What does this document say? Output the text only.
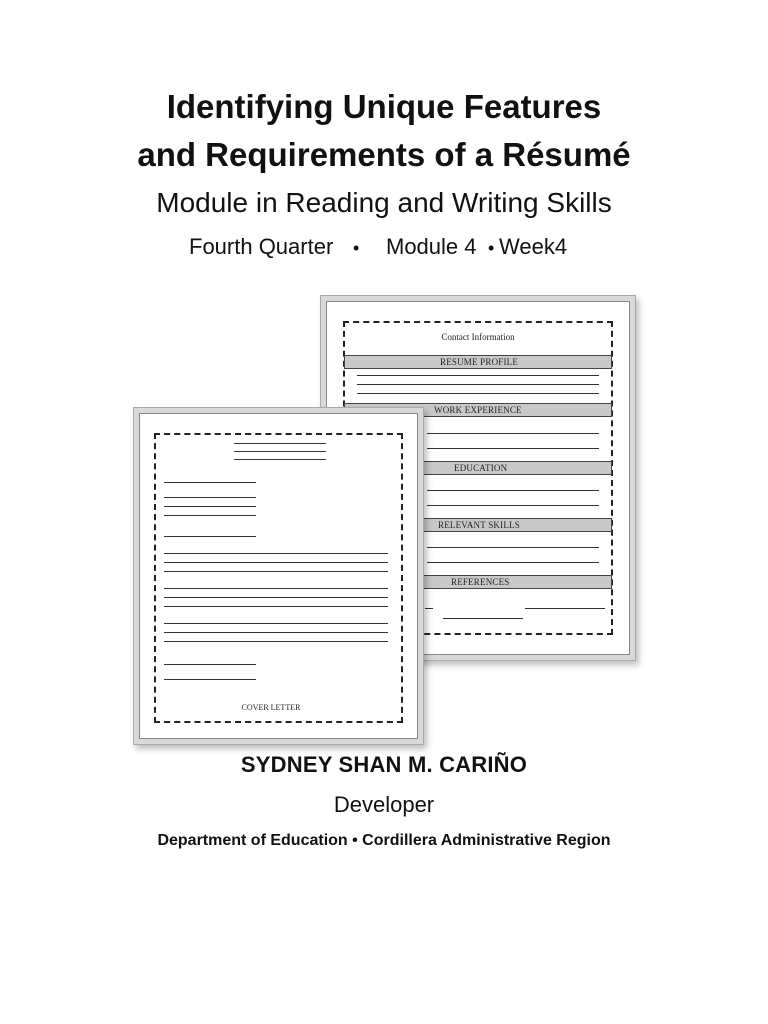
Identifying Unique Features
and Requirements of a Résumé
Module in Reading and Writing Skills
Fourth Quarter • Module 4 • Week4
Contact Information
RESUME PROFILE
WORK EXPERIENCE
EDUCATION
RELEVANT SKILLS
REFERENCES
COVER LETTER
SYDNEY SHAN M. CARIÑO
Developer
Department of Education • Cordillera Administrative Region
